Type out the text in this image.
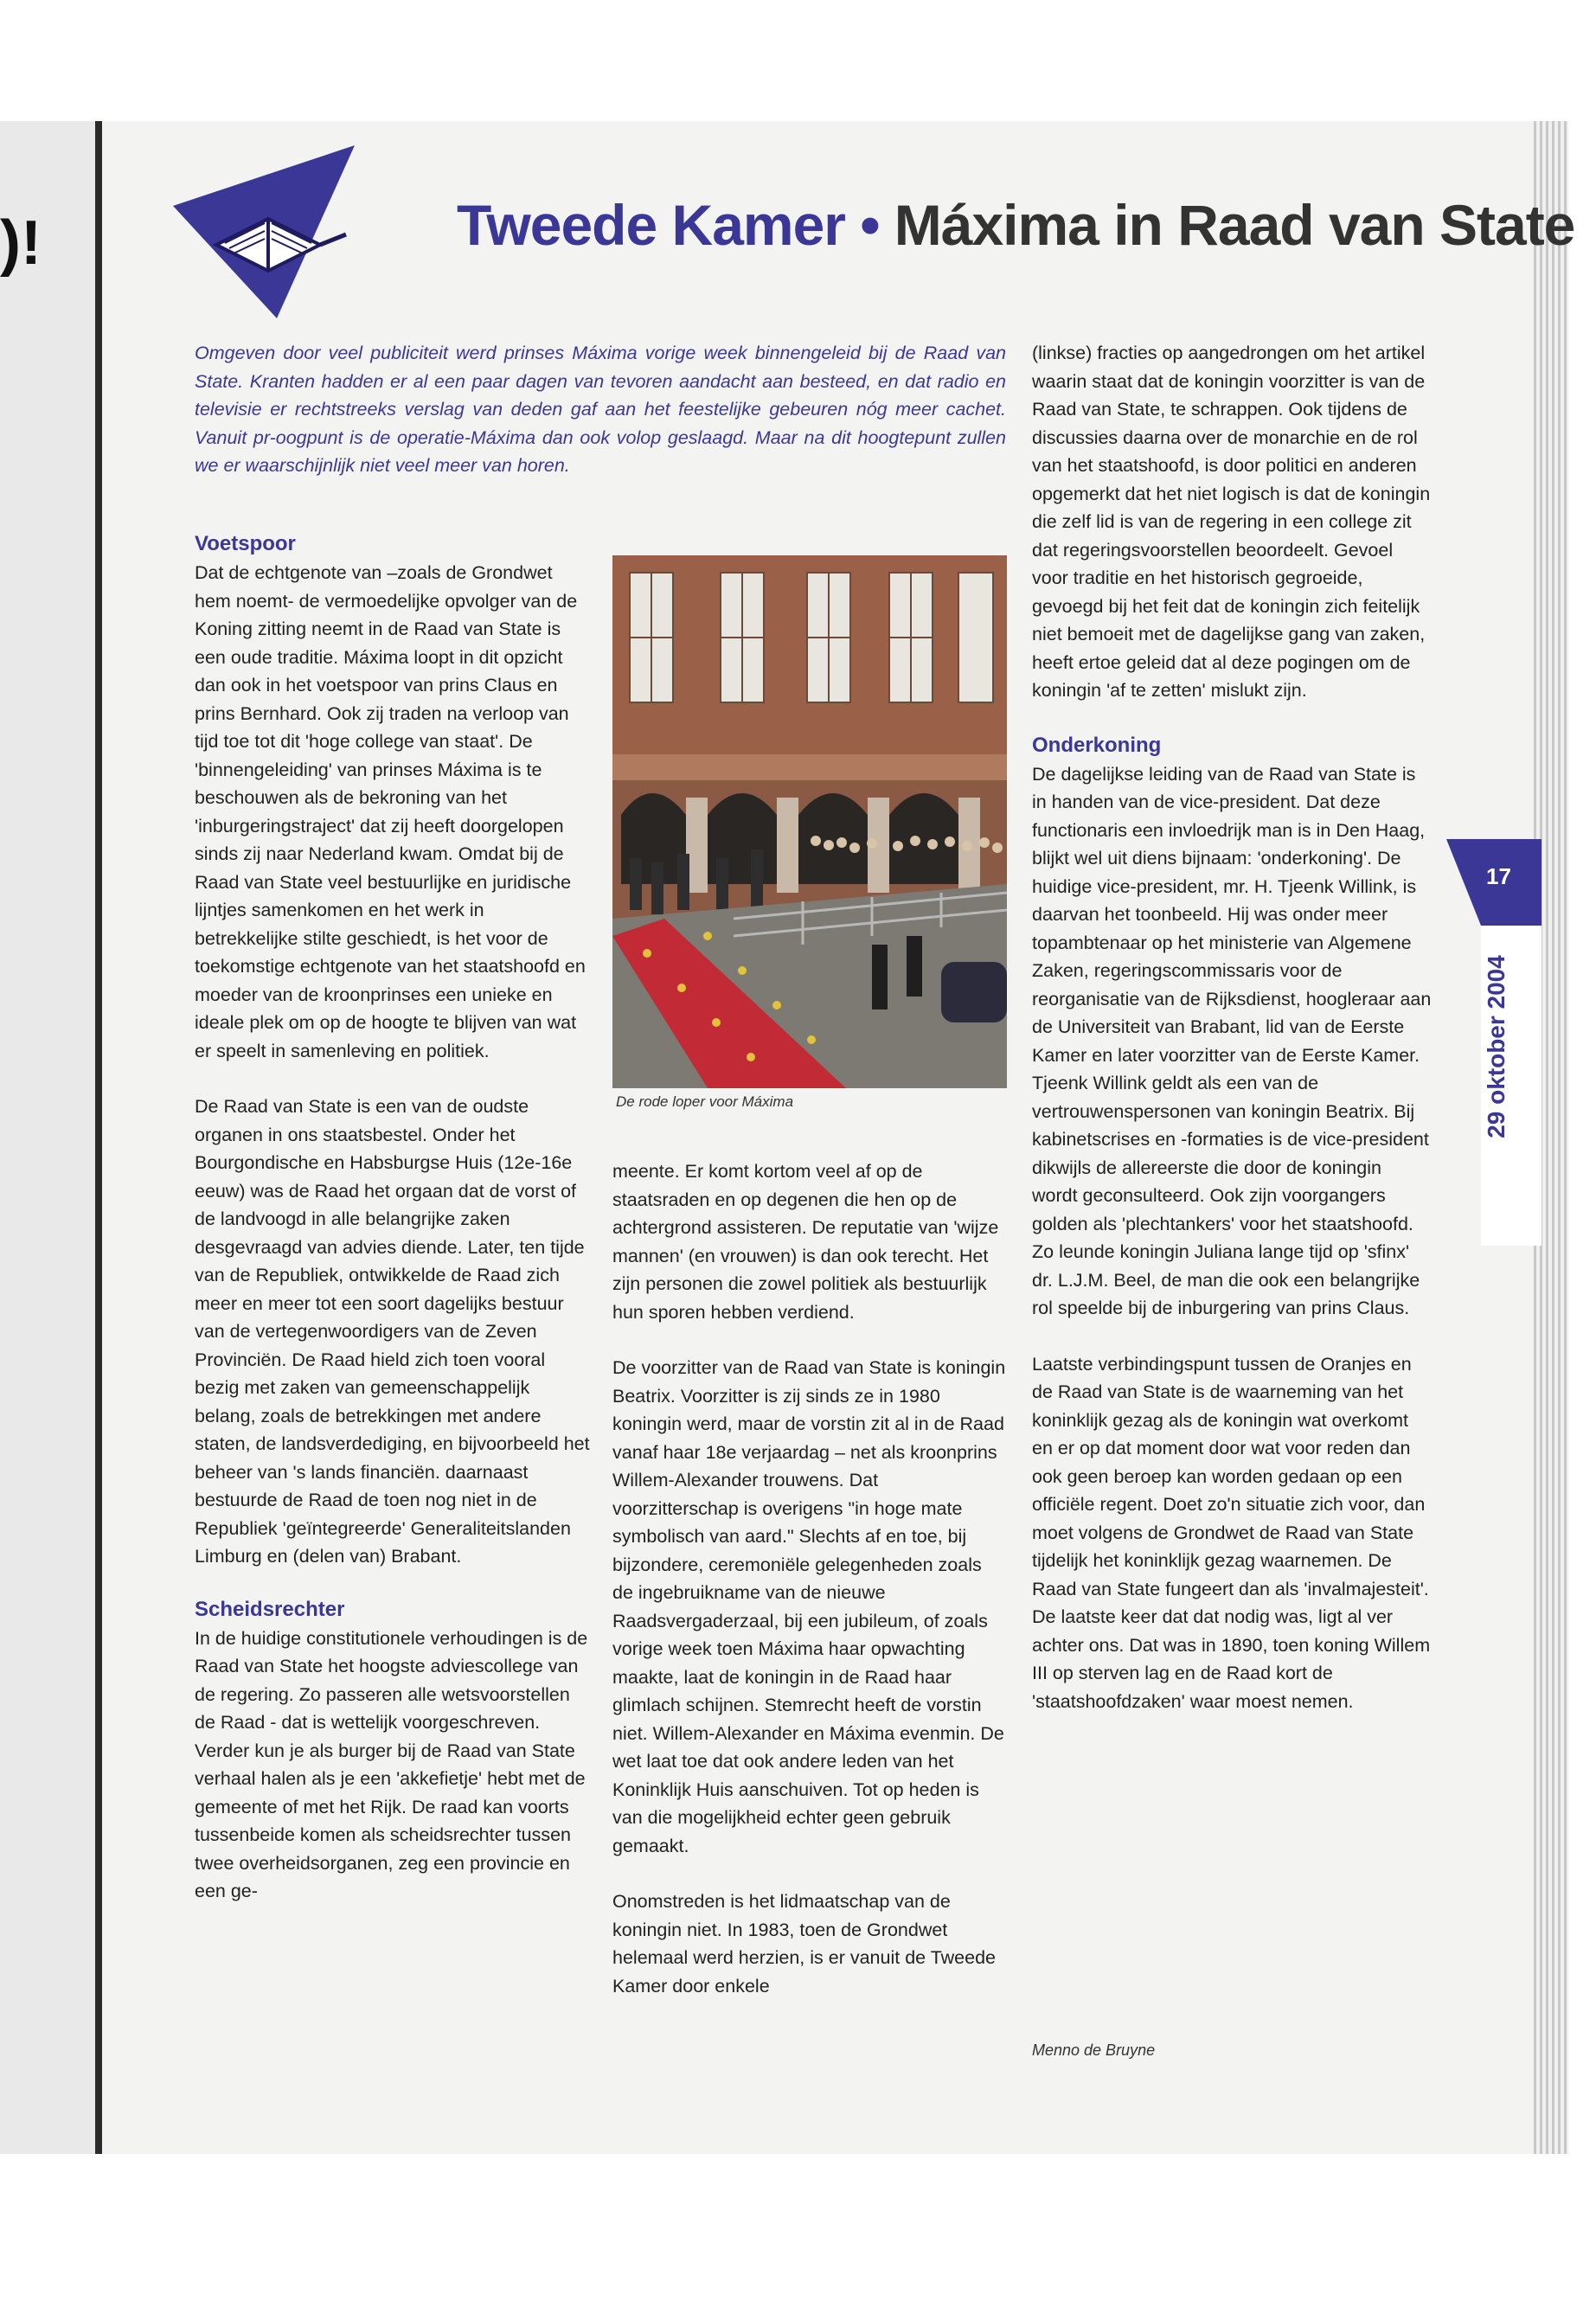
)!	Tweede Kamer • Máxima in Raad van State
Omgeven door veel publiciteit werd prinses Máxima vorige week binnengeleid bij de Raad van State. Kranten hadden er al een paar dagen van tevoren aandacht aan besteed, en dat radio en televisie er rechtstreeks verslag van deden gaf aan het feestelijke gebeuren nóg meer cachet. Vanuit pr-oogpunt is de operatie-Máxima dan ook volop geslaagd. Maar na dit hoogtepunt zullen we er waarschijnlijk niet veel meer van horen.
Voetspoor

Dat de echtgenote van –zoals de Grondwet hem noemt- de vermoedelijke opvolger van de Koning zitting neemt in de Raad van State is een oude traditie. Máxima loopt in dit opzicht dan ook in het voetspoor van prins Claus en prins Bernhard. Ook zij traden na verloop van tijd toe tot dit 'hoge college van staat'. De 'binnengeleiding' van prinses Máxima is te beschouwen als de bekroning van het 'inburgeringstraject' dat zij heeft doorgelopen sinds zij naar Nederland kwam. Omdat bij de Raad van State veel bestuurlijke en juridische lijntjes samenkomen en het werk in betrekkelijke stilte geschiedt, is het voor de toekomstige echtgenote van het staatshoofd en moeder van de kroonprinses een unieke en ideale plek om op de hoogte te blijven van wat er speelt in samenleving en politiek.

De Raad van State is een van de oudste organen in ons staatsbestel. Onder het Bourgondische en Habsburgse Huis (12e-16e eeuw) was de Raad het orgaan dat de vorst of de landvoogd in alle belangrijke zaken desgevraagd van advies diende. Later, ten tijde van de Republiek, ontwikkelde de Raad zich meer en meer tot een soort dagelijks bestuur van de vertegenwoordigers van de Zeven Provinciën. De Raad hield zich toen vooral bezig met zaken van gemeenschappelijk belang, zoals de betrekkingen met andere staten, de landsverdediging, en bijvoorbeeld het beheer van 's lands financiën. daarnaast bestuurde de Raad de toen nog niet in de Republiek 'geïntegreerde' Generaliteitslanden Limburg en (delen van) Brabant.

Scheidsrechter

In de huidige constitutionele verhoudingen is de Raad van State het hoogste adviescollege van de regering. Zo passeren alle wetsvoorstellen de Raad - dat is wettelijk voorgeschreven. Verder kun je als burger bij de Raad van State verhaal halen als je een 'akkefietje' hebt met de gemeente of met het Rijk. De raad kan voorts tussenbeide komen als scheidsrechter tussen twee overheidsorganen, zeg een provincie en een ge-

De rode loper voor Máxima

meente. Er komt kortom veel af op de staatsraden en op degenen die hen op de achtergrond assisteren. De reputatie van 'wijze mannen' (en vrouwen) is dan ook terecht. Het zijn personen die zowel politiek als bestuurlijk hun sporen hebben verdiend.

De voorzitter van de Raad van State is koningin Beatrix. Voorzitter is zij sinds ze in 1980 koningin werd, maar de vorstin zit al in de Raad vanaf haar 18e verjaardag – net als kroonprins Willem-Alexander trouwens. Dat voorzitterschap is overigens "in hoge mate symbolisch van aard." Slechts af en toe, bij bijzondere, ceremoniële gelegenheden zoals de ingebruikname van de nieuwe Raadsvergaderzaal, bij een jubileum, of zoals vorige week toen Máxima haar opwachting maakte, laat de koningin in de Raad haar glimlach schijnen. Stemrecht heeft de vorstin niet. Willem-Alexander en Máxima evenmin. De wet laat toe dat ook andere leden van het Koninklijk Huis aanschuiven. Tot op heden is van die mogelijkheid echter geen gebruik gemaakt.

Onomstreden is het lidmaatschap van de koningin niet. In 1983, toen de Grondwet helemaal werd herzien, is er vanuit de Tweede Kamer door enkele

(linkse) fracties op aangedrongen om het artikel waarin staat dat de koningin voorzitter is van de Raad van State, te schrappen. Ook tijdens de discussies daarna over de monarchie en de rol van het staatshoofd, is door politici en anderen opgemerkt dat het niet logisch is dat de koningin die zelf lid is van de regering in een college zit dat regeringsvoorstellen beoordeelt. Gevoel voor traditie en het historisch gegroeide, gevoegd bij het feit dat de koningin zich feitelijk niet bemoeit met de dagelijkse gang van zaken, heeft ertoe geleid dat al deze pogingen om de koningin 'af te zetten' mislukt zijn.

Onderkoning

De dagelijkse leiding van de Raad van State is in handen van de vice-president. Dat deze functionaris een invloedrijk man is in Den Haag, blijkt wel uit diens bijnaam: 'onderkoning'. De huidige vice-president, mr. H. Tjeenk Willink, is daarvan het toonbeeld. Hij was onder meer topambtenaar op het ministerie van Algemene Zaken, regeringscommissaris voor de reorganisatie van de Rijksdienst, hoogleraar aan de Universiteit van Brabant, lid van de Eerste Kamer en later voorzitter van de Eerste Kamer. Tjeenk Willink geldt als een van de vertrouwenspersonen van koningin Beatrix. Bij kabinetscrises en -formaties is de vice-president dikwijls de allereerste die door de koningin wordt geconsulteerd. Ook zijn voorgangers golden als 'plechtankers' voor het staatshoofd. Zo leunde koningin Juliana lange tijd op 'sfinx' dr. L.J.M. Beel, de man die ook een belangrijke rol speelde bij de inburgering van prins Claus.

Laatste verbindingspunt tussen de Oranjes en de Raad van State is de waarneming van het koninklijk gezag als de koningin wat overkomt en er op dat moment door wat voor reden dan ook geen beroep kan worden gedaan op een officiële regent. Doet zo'n situatie zich voor, dan moet volgens de Grondwet de Raad van State tijdelijk het koninklijk gezag waarnemen. De Raad van State fungeert dan als 'invalmajesteit'. De laatste keer dat dat nodig was, ligt al ver achter ons. Dat was in 1890, toen koning Willem III op sterven lag en de Raad kort de 'staatshoofdzaken' waar moest nemen.

Menno de Bruyne
17
29 oktober 2004
